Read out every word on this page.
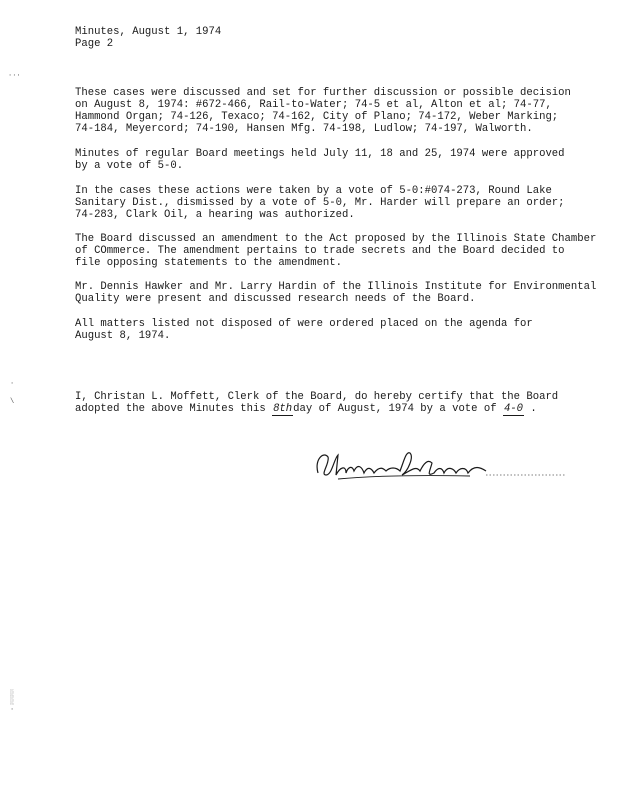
Minutes, August 1, 1974
Page 2
···
·
\
░
░
·
These cases were discussed and set for further discussion or possible decision
on August 8, 1974: #672-466, Rail-to-Water; 74-5 et al, Alton et al; 74-77,
Hammond Organ; 74-126, Texaco; 74-162, City of Plano; 74-172, Weber Marking;
74-184, Meyercord; 74-190, Hansen Mfg. 74-198, Ludlow; 74-197, Walworth.
Minutes of regular Board meetings held July 11, 18 and 25, 1974 were approved
by a vote of 5-0.
In the cases these actions were taken by a vote of 5-0:#074-273, Round Lake
Sanitary Dist., dismissed by a vote of 5-0, Mr. Harder will prepare an order;
74-283, Clark Oil, a hearing was authorized.
The Board discussed an amendment to the Act proposed by the Illinois State Chamber
of COmmerce. The amendment pertains to trade secrets and the Board decided to
file opposing statements to the amendment.
Mr. Dennis Hawker and Mr. Larry Hardin of the Illinois Institute for Environmental
Quality were present and discussed research needs of the Board.
All matters listed not disposed of were ordered placed on the agenda for
August 8, 1974.
I, Christan L. Moffett, Clerk of the Board, do hereby certify that the Board
adopted the above Minutes this 8thday of August, 1974 by a vote of 4-0 .
